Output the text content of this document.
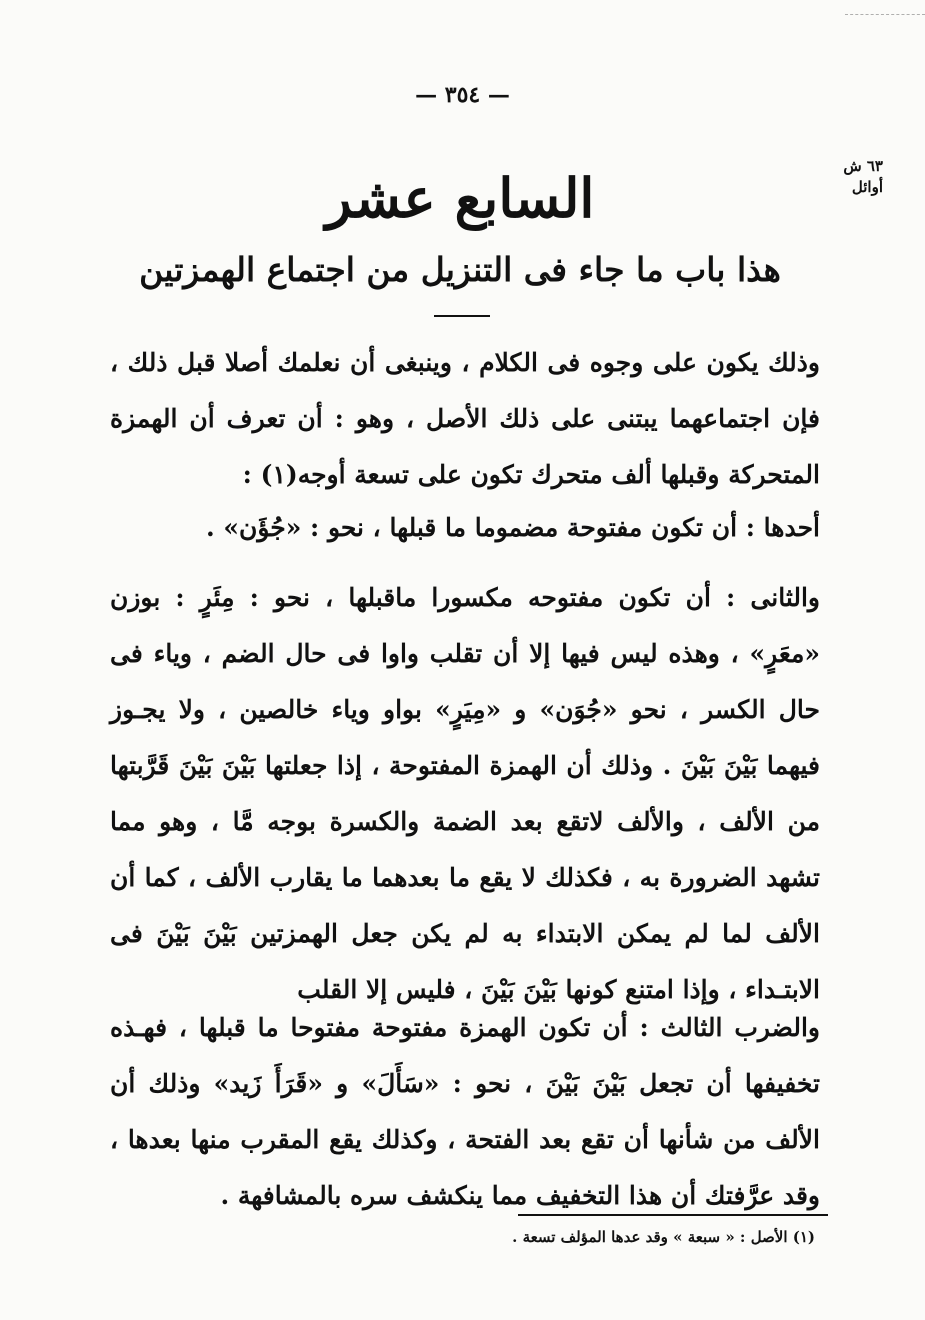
— ٣٥٤ —
٦٣ ش
أوائل
السابع عشر
هذا باب ما جاء فى التنزيل من اجتماع الهمزتين

وذلك يكون على وجوه فى الكلام ، وينبغى أن نعلمك أصلا قبل ذلك ، فإن اجتماعهما يبتنى على ذلك الأصل ، وهو : أن تعرف أن الهمزة المتحركة وقبلها ألف متحرك تكون على تسعة أوجه(١) :

أحدها : أن تكون مفتوحة مضموما ما قبلها ، نحو : «جُؤَن» .

والثانى : أن تكون مفتوحه مكسورا ماقبلها ، نحو : مِئَرٍ : بوزن «معَرٍ» ، وهذه ليس فيها إلا أن تقلب واوا فى حال الضم ، وياء فى حال الكسر ، نحو «جُوَن» و «مِيَرٍ» بواو وياء خالصين ، ولا يجـوز فيهما بَيْنَ بَيْنَ . وذلك أن الهمزة المفتوحة ، إذا جعلتها بَيْنَ بَيْنَ قَرَّبتها من الألف ، والألف لاتقع بعد الضمة والكسرة بوجه مَّا ، وهو مما تشهد الضرورة به ، فكذلك لا يقع ما بعدهما ما يقارب الألف ، كما أن الألف لما لم يمكن الابتداء به لم يكن جعل الهمزتين بَيْنَ بَيْنَ فى الابتـداء ، وإذا امتنع كونها بَيْنَ بَيْنَ ، فليس إلا القلب

والضرب الثالث : أن تكون الهمزة مفتوحة مفتوحا ما قبلها ، فهـذه تخفيفها أن تجعل بَيْنَ بَيْنَ ، نحو : «سَأَلَ» و «قَرَأَ زَيد» وذلك أن الألف من شأنها أن تقع بعد الفتحة ، وكذلك يقع المقرب منها بعدها ، وقد عرَّفتك أن هذا التخفيف مما ينكشف سره بالمشافهة .

(١) الأصل : « سبعة » وقد عدها المؤلف تسعة .
